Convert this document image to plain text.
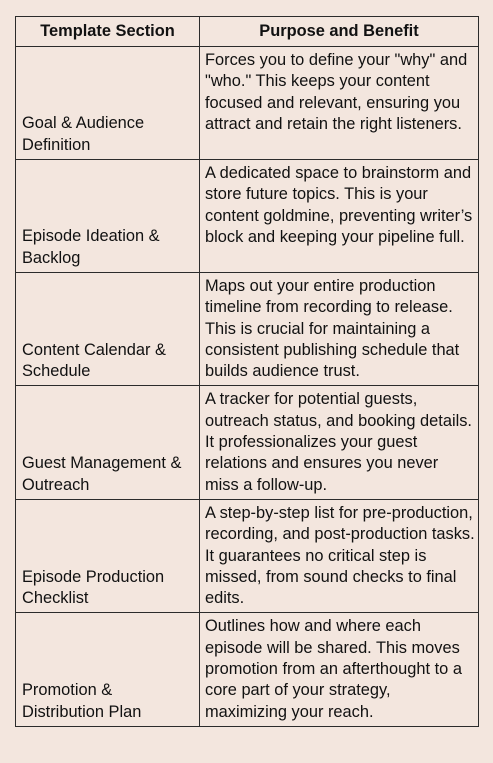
Template Section	Purpose and Benefit
Goal & Audience Definition	Forces you to define your "why" and "who." This keeps your content focused and relevant, ensuring you attract and retain the right listeners.
Episode Ideation & Backlog	A dedicated space to brainstorm and store future topics. This is your content goldmine, preventing writer’s block and keeping your pipeline full.
Content Calendar & Schedule	Maps out your entire production timeline from recording to release. This is crucial for maintaining a consistent publishing schedule that builds audience trust.
Guest Management & Outreach	A tracker for potential guests, outreach status, and booking details. It professionalizes your guest relations and ensures you never miss a follow-up.
Episode Production Checklist	A step-by-step list for pre-production, recording, and post-production tasks. It guarantees no critical step is missed, from sound checks to final edits.
Promotion & Distribution Plan	Outlines how and where each episode will be shared. This moves promotion from an afterthought to a core part of your strategy, maximizing your reach.
